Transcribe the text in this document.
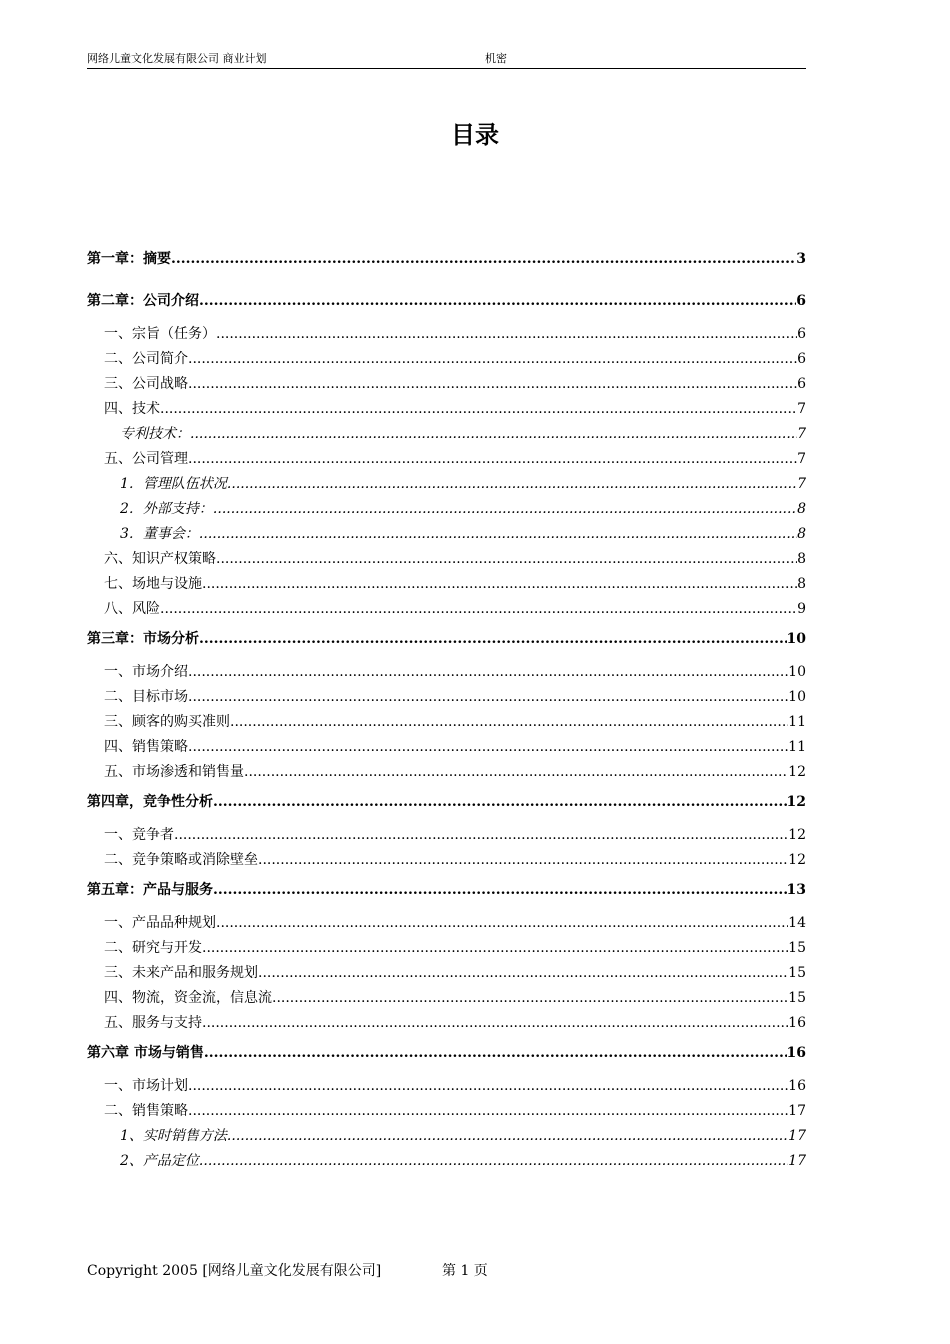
网络儿童文化发展有限公司 商业计划	机密
目录
第一章：摘要 .....	3
第二章：公司介绍 .....	6
一、宗旨（任务） .....	6
二、公司简介 .....	6
三、公司战略 .....	6
四、技术 .....	7
专利技术： .....	7
五、公司管理 .....	7
1．管理队伍状况 .....	7
2．外部支持： .....	8
3．董事会： .....	8
六、知识产权策略 .....	8
七、场地与设施 .....	8
八、风险 .....	9
第三章：市场分析 .....	10
一、市场介绍 .....	10
二、目标市场 .....	10
三、顾客的购买准则 .....	11
四、销售策略 .....	11
五、市场渗透和销售量 .....	12
第四章，竞争性分析 .....	12
一、竞争者 .....	12
二、竞争策略或消除壁垒 .....	12
第五章：产品与服务 .....	13
一、产品品种规划 .....	14
二、研究与开发 .....	15
三、未来产品和服务规划 .....	15
四、物流，资金流，信息流 .....	15
五、服务与支持 .....	16
第六章 市场与销售 .....	16
一、市场计划 .....	16
二、销售策略 .....	17
1、实时销售方法 .....	17
2、产品定位 .....	17
Copyright 2005 [网络儿童文化发展有限公司]	第 1 页
